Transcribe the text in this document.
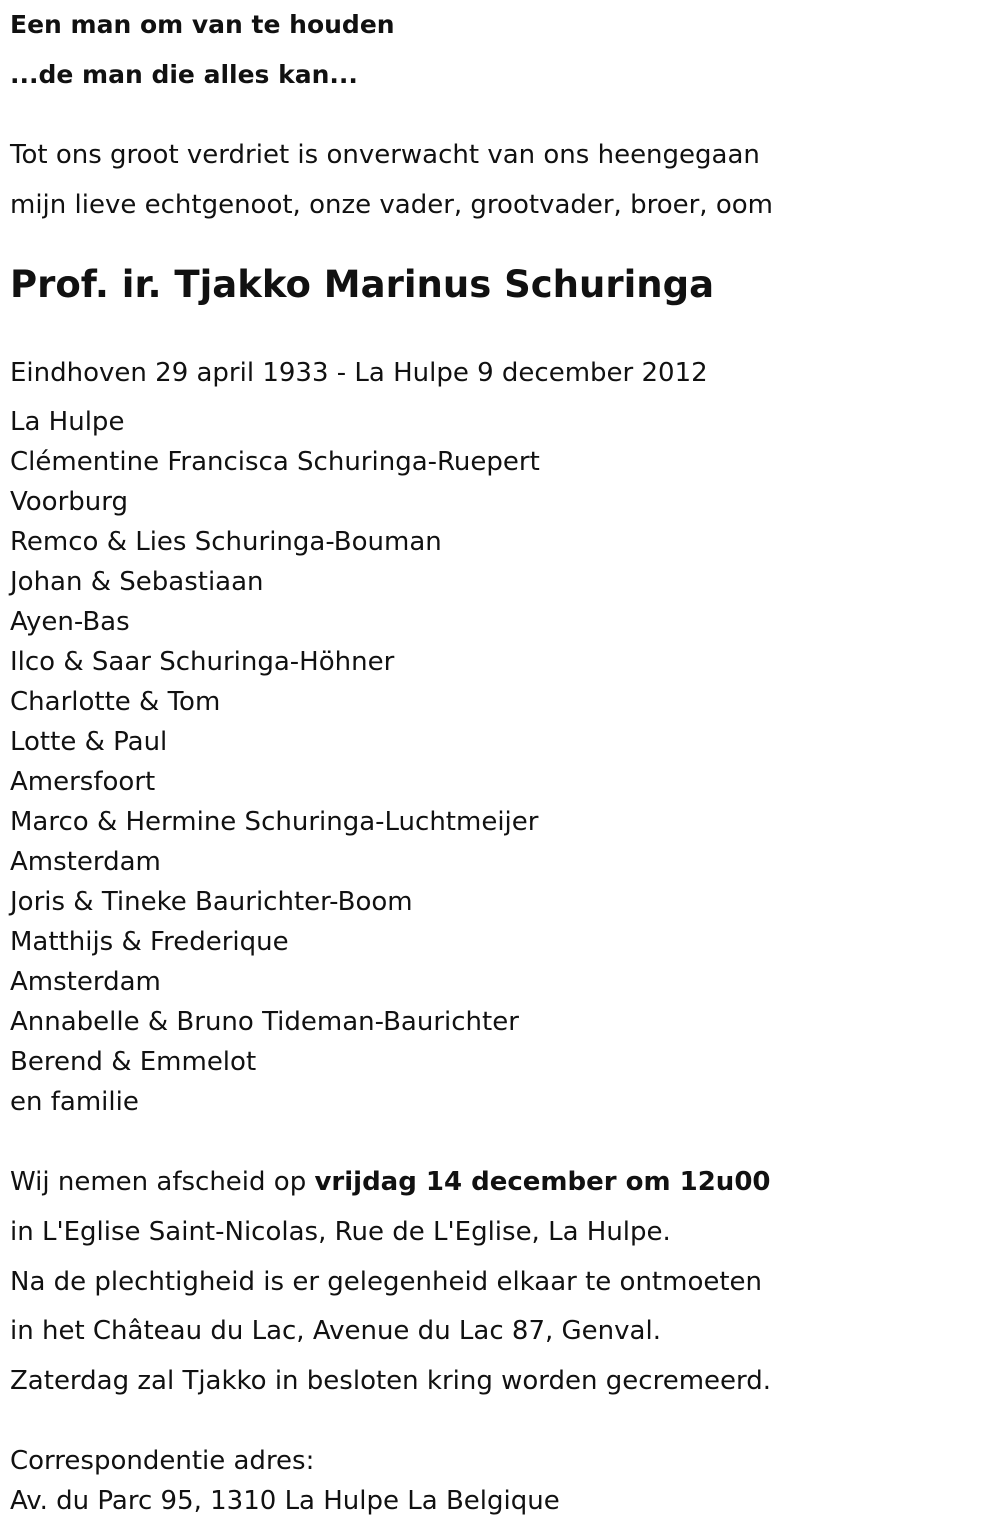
Een man om van te houden
...de man die alles kan...
Tot ons groot verdriet is onverwacht van ons heengegaan
mijn lieve echtgenoot, onze vader, grootvader, broer, oom
Prof. ir. Tjakko Marinus Schuringa
Eindhoven 29 april 1933 - La Hulpe 9 december 2012
La Hulpe
Clémentine Francisca Schuringa-Ruepert
Voorburg
Remco & Lies Schuringa-Bouman
Johan & Sebastiaan
Ayen-Bas
Ilco & Saar Schuringa-Höhner
Charlotte & Tom
Lotte & Paul
Amersfoort
Marco & Hermine Schuringa-Luchtmeijer
Amsterdam
Joris & Tineke Baurichter-Boom
Matthijs & Frederique
Amsterdam
Annabelle & Bruno Tideman-Baurichter
Berend & Emmelot
en familie
Wij nemen afscheid op vrijdag 14 december om 12u00
in L'Eglise Saint-Nicolas, Rue de L'Eglise, La Hulpe.
Na de plechtigheid is er gelegenheid elkaar te ontmoeten
in het Château du Lac, Avenue du Lac 87, Genval.
Zaterdag zal Tjakko in besloten kring worden gecremeerd.
Correspondentie adres:
Av. du Parc 95, 1310 La Hulpe La Belgique
